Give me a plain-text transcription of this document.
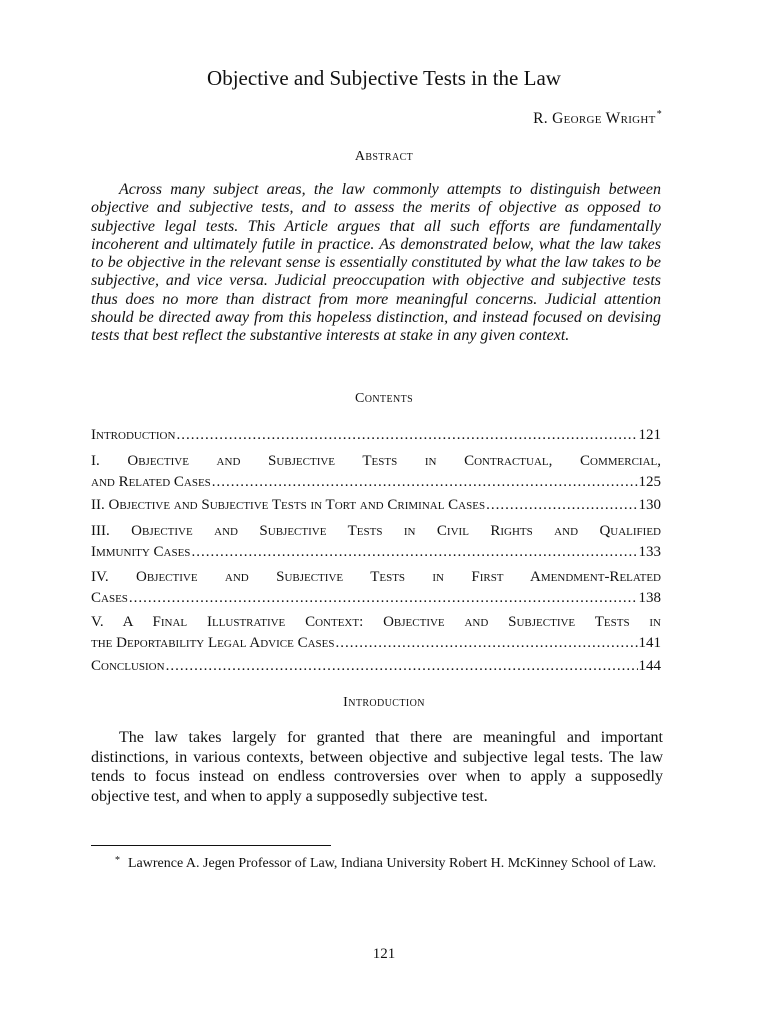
Objective and Subjective Tests in the Law
R. George Wright*
Abstract

Across many subject areas, the law commonly attempts to distinguish between objective and subjective tests, and to assess the merits of objective as opposed to subjective legal tests. This Article argues that all such efforts are fundamentally incoherent and ultimately futile in practice. As demonstrated below, what the law takes to be objective in the relevant sense is essentially constituted by what the law takes to be subjective, and vice versa. Judicial preoccupation with objective and subjective tests thus does no more than distract from more meaningful concerns. Judicial attention should be directed away from this hopeless distinction, and instead focused on devising tests that best reflect the substantive interests at stake in any given context.

Contents
Introduction .....	121
I. Objective and Subjective Tests in Contractual, Commercial,
and Related Cases .....	125
II. Objective and Subjective Tests in Tort and Criminal Cases .....	130
III. Objective and Subjective Tests in Civil Rights and Qualified
Immunity Cases .....	133
IV. Objective and Subjective Tests in First Amendment-Related
Cases .....	138
V. A Final Illustrative Context: Objective and Subjective Tests in
the Deportability Legal Advice Cases .....	141
Conclusion .....	144
Introduction

The law takes largely for granted that there are meaningful and important distinctions, in various contexts, between objective and subjective legal tests. The law tends to focus instead on endless controversies over when to apply a supposedly objective test, and when to apply a supposedly subjective test.

* Lawrence A. Jegen Professor of Law, Indiana University Robert H. McKinney School of Law.

121
